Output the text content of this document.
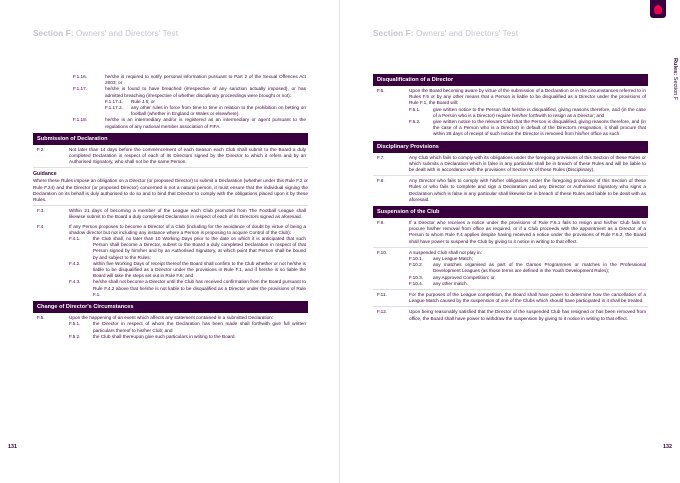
Section F: Owners' and Directors' Test
F.1.16.	he/she is required to notify personal information pursuant to Part 2 of the Sexual Offences Act 2003; or
F.1.17.	he/she is found to have breached (irrespective of any sanction actually imposed), or has admitted breaching (irrespective of whether disciplinary proceedings were brought or not):
F.1.17.1.	Rule J.6; or
F.1.17.2.	any other rules in force from time to time in relation to the prohibition on betting on football (whether in England or Wales or elsewhere).
F.1.18.	he/she is an intermediary and/or is registered as an intermediary or agent pursuant to the regulations of any national member association of FIFA.
Submission of Declaration
F.2.	Not later than 14 days before the commencement of each Season each Club shall submit to the Board a duly completed Declaration in respect of each of its Directors signed by the Director to which it refers and by an Authorised Signatory, who shall not be the same Person.
Guidance
Where these Rules impose an obligation on a Director (or proposed Director) to submit a Declaration (whether under this Rule F.2 or Rule F.24) and the Director (or proposed Director) concerned is not a natural person, it must ensure that the individual signing the Declaration on its behalf is duly authorised to do so and to bind that Director to comply with the obligations placed upon it by these Rules.
F.3.	Within 21 days of becoming a member of the League each Club promoted from The Football League shall likewise submit to the Board a duly completed Declaration in respect of each of its Directors signed as aforesaid.
F.4.	If any Person proposes to become a Director of a Club (including for the avoidance of doubt by virtue of being a shadow director but not including any instance where a Person is proposing to acquire Control of the Club):
F.4.1.	the Club shall, no later than 10 Working Days prior to the date on which it is anticipated that such Person shall become a Director, submit to the Board a duly completed Declaration in respect of that Person signed by him/her and by an Authorised Signatory, at which point that Person shall be bound by and subject to the Rules;
F.4.2.	within five Working Days of receipt thereof the Board shall confirm to the Club whether or not he/she is liable to be disqualified as a Director under the provisions in Rule F.1, and if he/she is so liable the Board will take the steps set out in Rule F.6; and
F.4.3.	he/she shall not become a Director until the Club has received confirmation from the Board pursuant to Rule F.4.2 above that he/she is not liable to be disqualified as a Director under the provisions of Rule F.1.
Change of Director's Circumstances
F.5.	Upon the happening of an event which affects any statement contained in a submitted Declaration:
F.5.1.	the Director in respect of whom the Declaration has been made shall forthwith give full written particulars thereof to his/her Club; and
F.5.2.	the Club shall thereupon give such particulars in writing to the Board.
131
Section F: Owners' and Directors' Test
Rules: Section F
Disqualification of a Director
F.6.	Upon the Board becoming aware by virtue of the submission of a Declaration or in the circumstances referred to in Rules F.5 or by any other means that a Person is liable to be disqualified as a Director under the provisions of Rule F.1, the Board will:
F.6.1.	give written notice to the Person that he/she is disqualified, giving reasons therefore, and (in the case of a Person who is a Director) require him/her forthwith to resign as a Director; and
F.6.2.	give written notice to the relevant Club that the Person is disqualified, giving reasons therefore, and (in the case of a Person who is a Director) in default of the Director's resignation, it shall procure that within 28 days of receipt of such notice the Director is removed from his/her office as such.
Disciplinary Provisions
F.7.	Any Club which fails to comply with its obligations under the foregoing provisions of this Section of these Rules or which submits a Declaration which is false in any particular shall be in breach of these Rules and will be liable to be dealt with in accordance with the provisions of Section W of these Rules (Disciplinary).
F.8.	Any Director who fails to comply with his/her obligations under the foregoing provisions of this Section of these Rules or who fails to complete and sign a Declaration and any Director or Authorised Signatory who signs a Declaration which is false in any particular shall likewise be in breach of these Rules and liable to be dealt with as aforesaid.
Suspension of the Club
F.9.	If a Director who receives a notice under the provisions of Rule F.6.1 fails to resign and his/her Club fails to procure his/her removal from office as required, or if a Club proceeds with the appointment as a Director of a Person to whom Rule F.4 applies despite having received a notice under the provisions of Rule F.6.2, the Board shall have power to suspend the Club by giving to it notice in writing to that effect.
F.10.	A suspended Club shall not play in:
F.10.1.	any League Match;
F.10.2.	any matches organised as part of the Games Programmes or matches in the Professional Development Leagues (as those terms are defined in the Youth Development Rules);
F.10.3.	any Approved Competition; or
F.10.4.	any other match.
F.11.	For the purposes of the League competition, the Board shall have power to determine how the cancellation of a League Match caused by the suspension of one of the Clubs which should have participated in it shall be treated.
F.12.	Upon being reasonably satisfied that the Director of the suspended Club has resigned or has been removed from office, the Board shall have power to withdraw the suspension by giving to it notice in writing to that effect.
132
